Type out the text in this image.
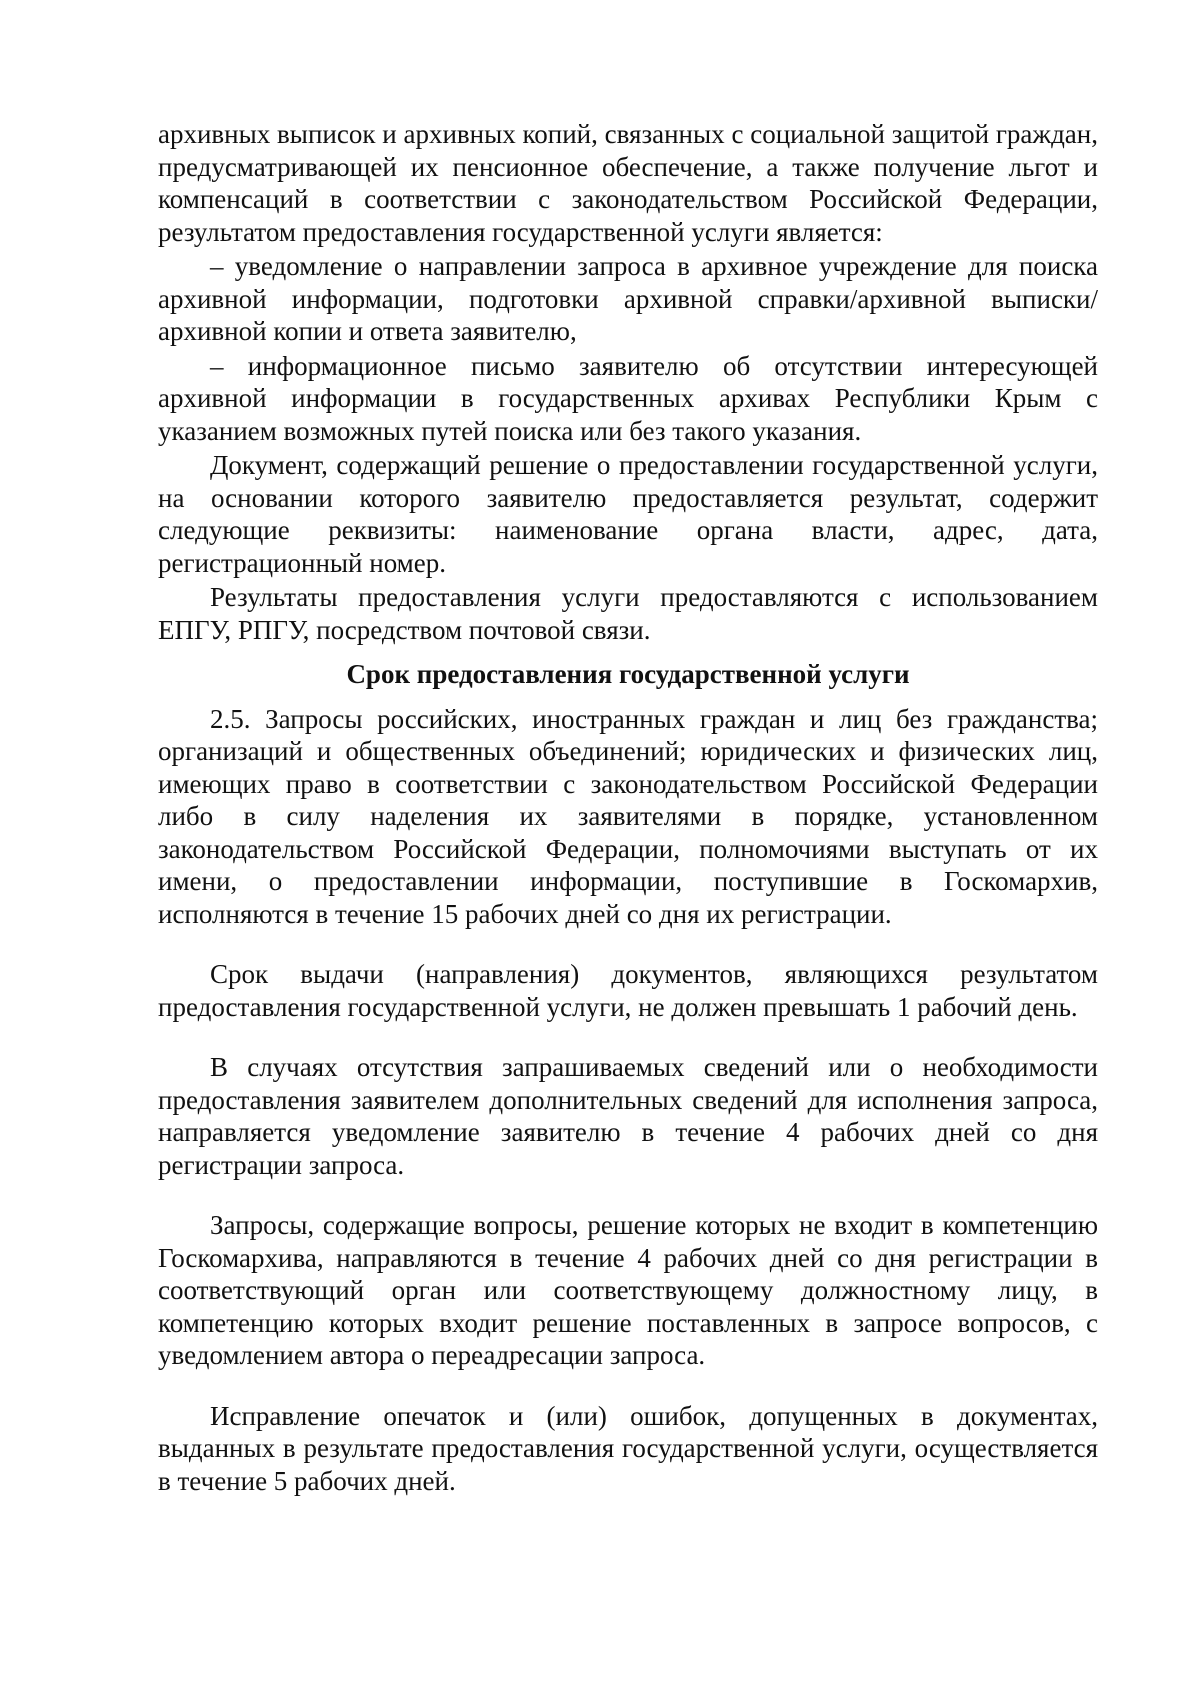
архивных выписок и архивных копий, связанных с социальной защитой граждан, предусматривающей их пенсионное обеспечение, а также получение льгот и компенсаций в соответствии с законодательством Российской Федерации, результатом предоставления государственной услуги является:

– уведомление о направлении запроса в архивное учреждение для поиска архивной информации, подготовки архивной справки/архивной выписки/архивной копии и ответа заявителю,

– информационное письмо заявителю об отсутствии интересующей архивной информации в государственных архивах Республики Крым с указанием возможных путей поиска или без такого указания.

Документ, содержащий решение о предоставлении государственной услуги, на основании которого заявителю предоставляется результат, содержит следующие реквизиты: наименование органа власти, адрес, дата, регистрационный номер.

Результаты предоставления услуги предоставляются с использованием ЕПГУ, РПГУ, посредством почтовой связи.

Срок предоставления государственной услуги

2.5. Запросы российских, иностранных граждан и лиц без гражданства; организаций и общественных объединений; юридических и физических лиц, имеющих право в соответствии с законодательством Российской Федерации либо в силу наделения их заявителями в порядке, установленном законодательством Российской Федерации, полномочиями выступать от их имени, о предоставлении информации, поступившие в Госкомархив, исполняются в течение 15 рабочих дней со дня их регистрации.

Срок выдачи (направления) документов, являющихся результатом предоставления государственной услуги, не должен превышать 1 рабочий день.

В случаях отсутствия запрашиваемых сведений или о необходимости предоставления заявителем дополнительных сведений для исполнения запроса, направляется уведомление заявителю в течение 4 рабочих дней со дня регистрации запроса.

Запросы, содержащие вопросы, решение которых не входит в компетенцию Госкомархива, направляются в течение 4 рабочих дней со дня регистрации в соответствующий орган или соответствующему должностному лицу, в компетенцию которых входит решение поставленных в запросе вопросов, с уведомлением автора о переадресации запроса.

Исправление опечаток и (или) ошибок, допущенных в документах, выданных в результате предоставления государственной услуги, осуществляется в течение 5 рабочих дней.
